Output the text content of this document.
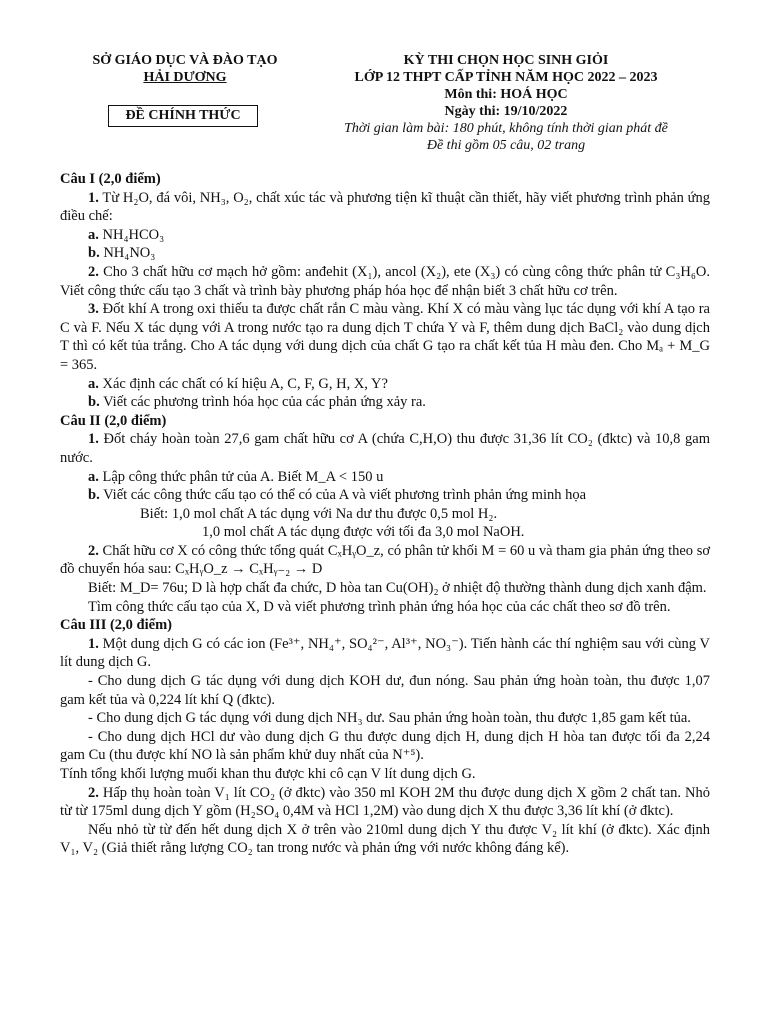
SỞ GIÁO DỤC VÀ ĐÀO TẠO
HẢI DƯƠNG
ĐỀ CHÍNH THỨC
KỲ THI CHỌN HỌC SINH GIỎI
LỚP 12 THPT CẤP TỈNH NĂM HỌC 2022 – 2023
Môn thi: HOÁ HỌC
Ngày thi: 19/10/2022
Thời gian làm bài: 180 phút, không tính thời gian phát đề
Đề thi gồm 05 câu, 02 trang

Câu I (2,0 điểm)

1. Từ H₂O, đá vôi, NH₃, O₂, chất xúc tác và phương tiện kĩ thuật cần thiết, hãy viết phương trình phản ứng điều chế:

a. NH₄HCO₃

b. NH₄NO₃

2. Cho 3 chất hữu cơ mạch hở gồm: anđehit (X₁), ancol (X₂), ete (X₃) có cùng công thức phân tử C₃H₆O. Viết công thức cấu tạo 3 chất và trình bày phương pháp hóa học để nhận biết 3 chất hữu cơ trên.

3. Đốt khí A trong oxi thiếu ta được chất rắn C màu vàng. Khí X có màu vàng lục tác dụng với khí A tạo ra C và F. Nếu X tác dụng với A trong nước tạo ra dung dịch T chứa Y và F, thêm dung dịch BaCl₂ vào dung dịch T thì có kết tủa trắng. Cho A tác dụng với dung dịch của chất G tạo ra chất kết tủa H màu đen. Cho Mₐ + M_G = 365.

a. Xác định các chất có kí hiệu A, C, F, G, H, X, Y?

b. Viết các phương trình hóa học của các phản ứng xảy ra.

Câu II (2,0 điểm)

1. Đốt cháy hoàn toàn 27,6 gam chất hữu cơ A (chứa C,H,O) thu được 31,36 lít CO₂ (đktc) và 10,8 gam nước.

a. Lập công thức phân tử của A. Biết M_A < 150 u

b. Viết các công thức cấu tạo có thể có của A và viết phương trình phản ứng minh họa

Biết: 1,0 mol chất A tác dụng với Na dư thu được 0,5 mol H₂.

1,0 mol chất A tác dụng được với tối đa 3,0 mol NaOH.

2. Chất hữu cơ X có công thức tổng quát CₓHᵧO_z, có phân tử khối M = 60 u và tham gia phản ứng theo sơ đồ chuyển hóa sau: CₓHᵧO_z → CₓHᵧ₋₂ → D

Biết: M_D= 76u; D là hợp chất đa chức, D hòa tan Cu(OH)₂ ở nhiệt độ thường thành dung dịch xanh đậm.

Tìm công thức cấu tạo của X, D và viết phương trình phản ứng hóa học của các chất theo sơ đồ trên.

Câu III (2,0 điểm)

1. Một dung dịch G có các ion (Fe³⁺, NH₄⁺, SO₄²⁻, Al³⁺, NO₃⁻). Tiến hành các thí nghiệm sau với cùng V lít dung dịch G.

- Cho dung dịch G tác dụng với dung dịch KOH dư, đun nóng. Sau phản ứng hoàn toàn, thu được 1,07 gam kết tủa và 0,224 lít khí Q (đktc).

- Cho dung dịch G tác dụng với dung dịch NH₃ dư. Sau phản ứng hoàn toàn, thu được 1,85 gam kết tủa.

- Cho dung dịch HCl dư vào dung dịch G thu được dung dịch H, dung dịch H hòa tan được tối đa 2,24 gam Cu (thu được khí NO là sản phẩm khử duy nhất của N⁺⁵).

Tính tổng khối lượng muối khan thu được khi cô cạn V lít dung dịch G.

2. Hấp thụ hoàn toàn V₁ lít CO₂ (ở đktc) vào 350 ml KOH 2M thu được dung dịch X gồm 2 chất tan. Nhỏ từ từ 175ml dung dịch Y gồm (H₂SO₄ 0,4M và HCl 1,2M) vào dung dịch X thu được 3,36 lít khí (ở đktc).

Nếu nhỏ từ từ đến hết dung dịch X ở trên vào 210ml dung dịch Y thu được V₂ lít khí (ở đktc). Xác định V₁, V₂ (Giả thiết rằng lượng CO₂ tan trong nước và phản ứng với nước không đáng kể).
